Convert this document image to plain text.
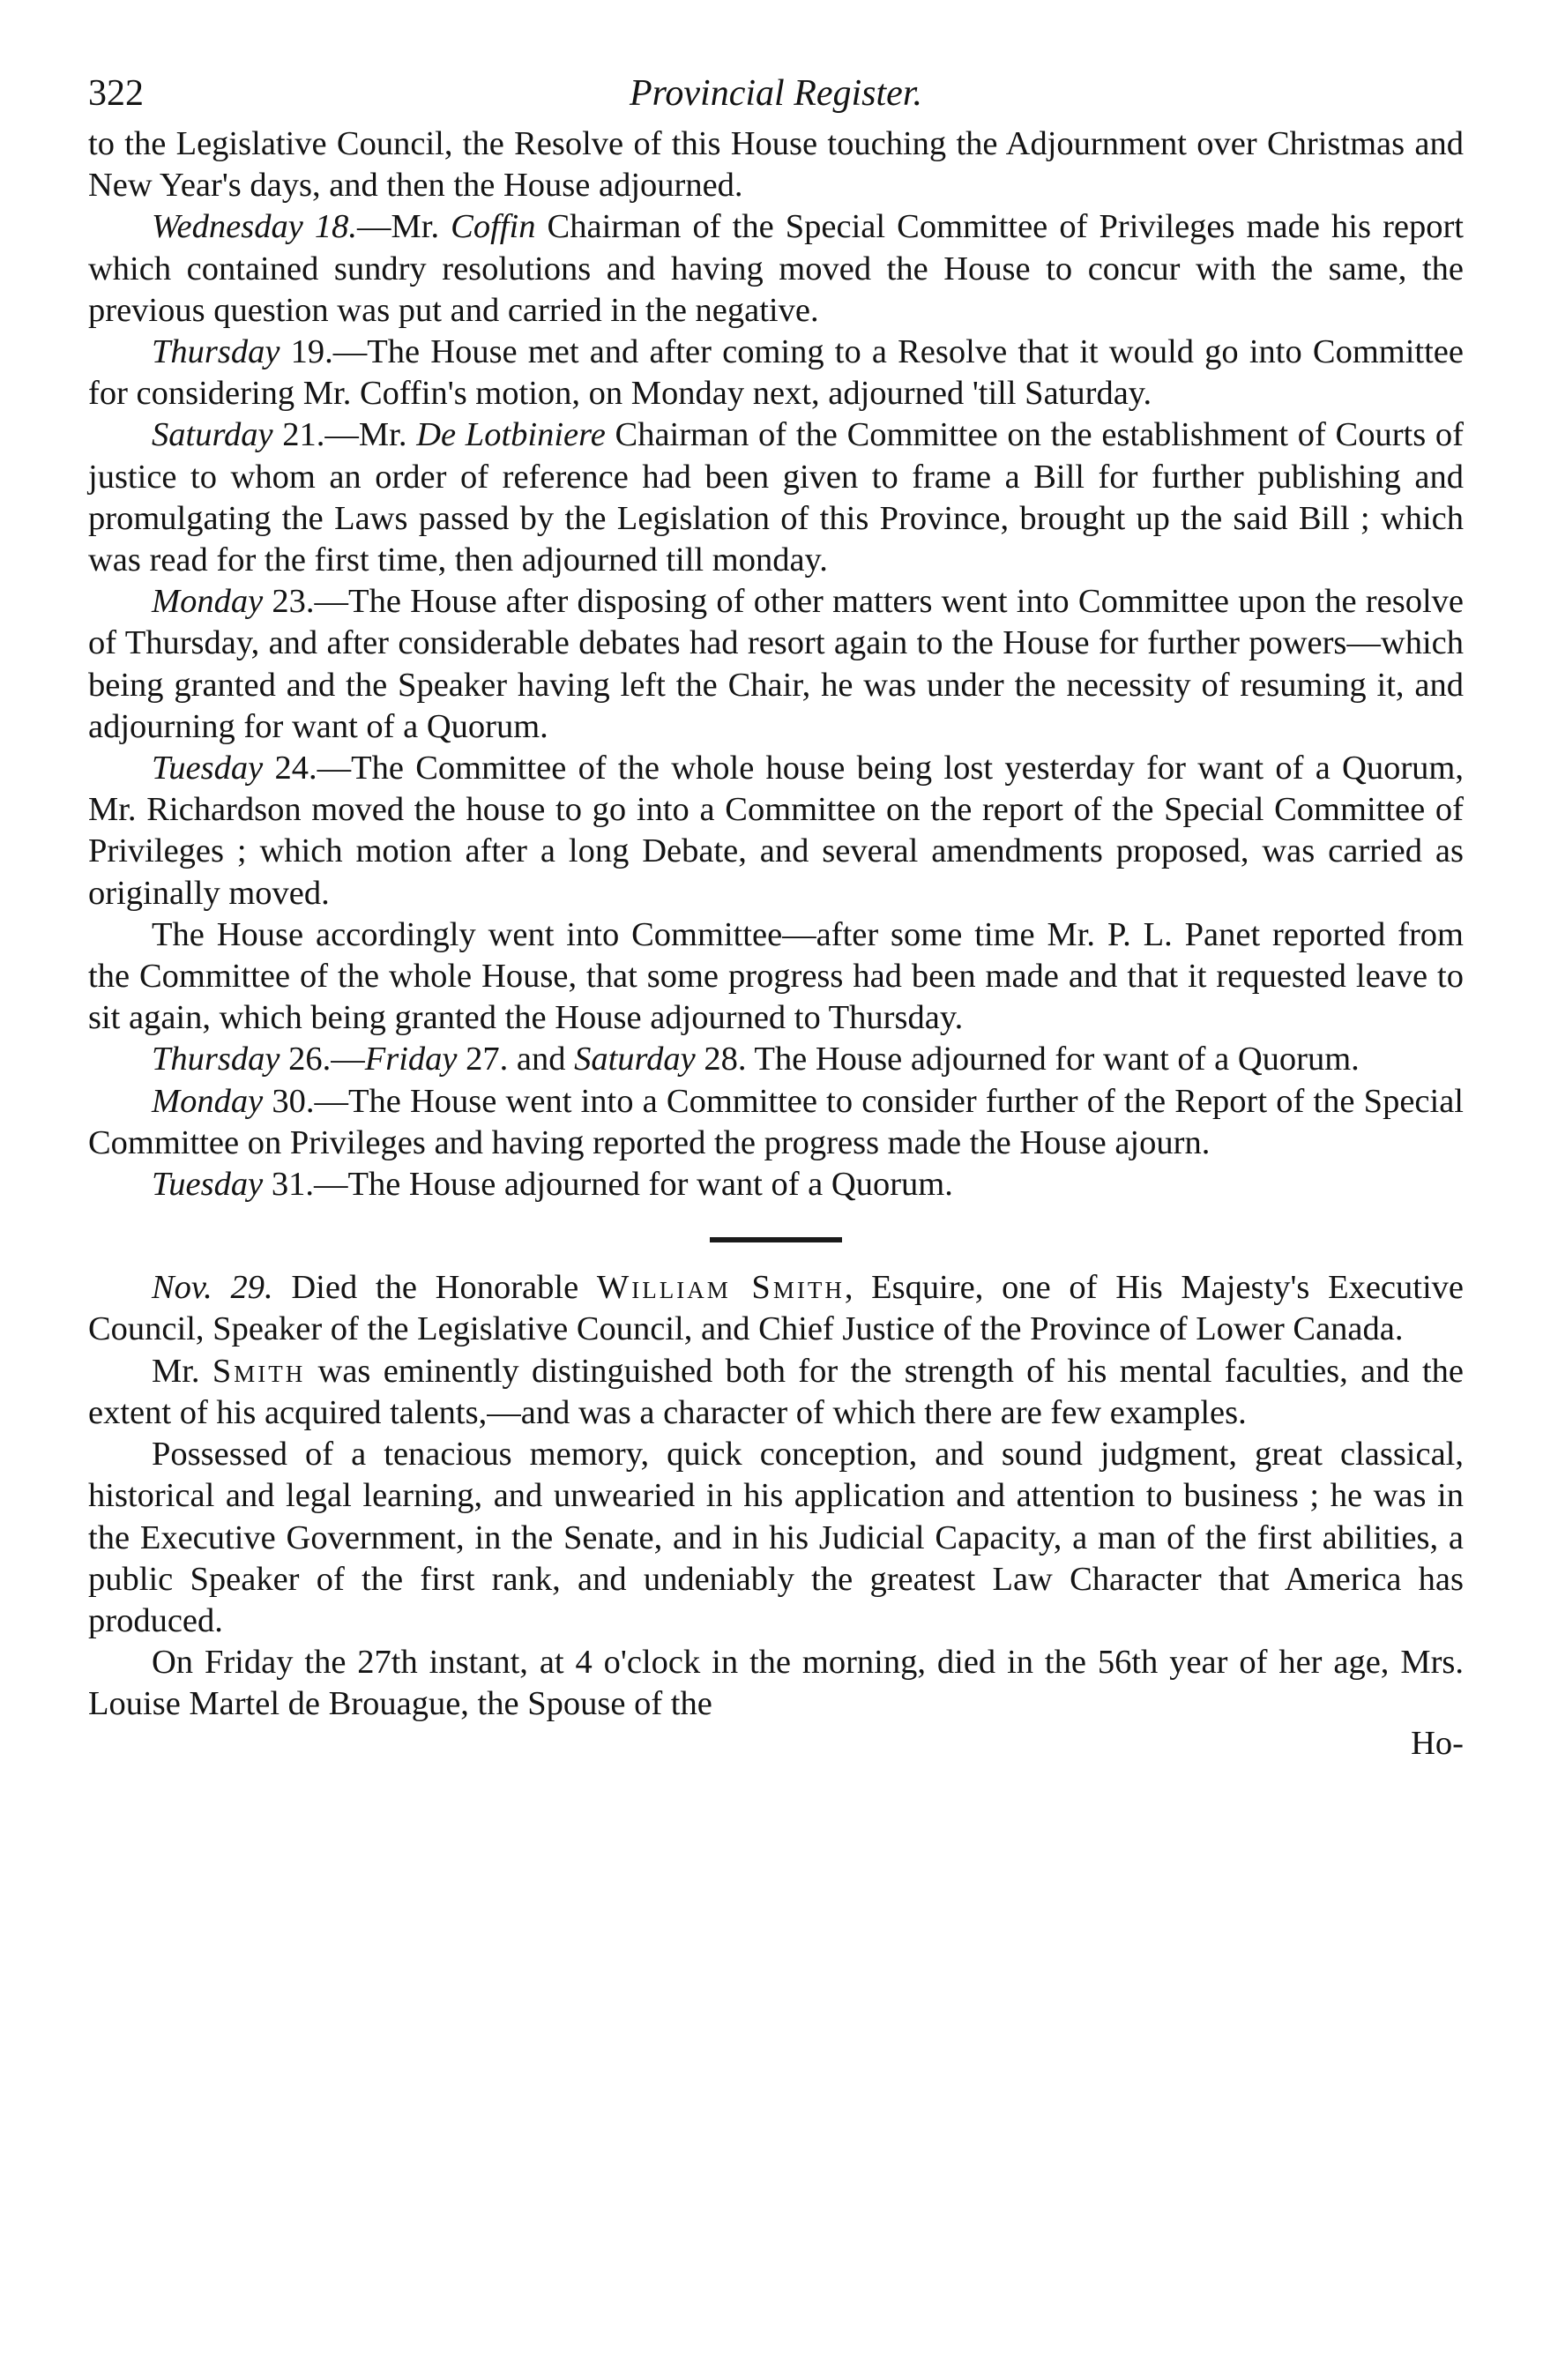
322	Provincial Register.

to the Legislative Council, the Resolve of this House touching the Adjournment over Christmas and New Year's days, and then the House adjourned.

Wednesday 18.—Mr. Coffin Chairman of the Special Committee of Privileges made his report which contained sundry resolutions and having moved the House to concur with the same, the previous question was put and carried in the negative.

Thursday 19.—The House met and after coming to a Resolve that it would go into Committee for considering Mr. Coffin's motion, on Monday next, adjourned 'till Saturday.

Saturday 21.—Mr. De Lotbiniere Chairman of the Committee on the establishment of Courts of justice to whom an order of reference had been given to frame a Bill for further publishing and promulgating the Laws passed by the Legislation of this Province, brought up the said Bill ; which was read for the first time, then adjourned till monday.

Monday 23.—The House after disposing of other matters went into Committee upon the resolve of Thursday, and after considerable debates had resort again to the House for further powers—which being granted and the Speaker having left the Chair, he was under the necessity of resuming it, and adjourning for want of a Quorum.

Tuesday 24.—The Committee of the whole house being lost yesterday for want of a Quorum, Mr. Richardson moved the house to go into a Committee on the report of the Special Committee of Privileges ; which motion after a long Debate, and several amendments proposed, was carried as originally moved.

The House accordingly went into Committee—after some time Mr. P. L. Panet reported from the Committee of the whole House, that some progress had been made and that it requested leave to sit again, which being granted the House adjourned to Thursday.

Thursday 26.—Friday 27. and Saturday 28. The House adjourned for want of a Quorum.

Monday 30.—The House went into a Committee to consider further of the Report of the Special Committee on Privileges and having reported the progress made the House ajourn.

Tuesday 31.—The House adjourned for want of a Quorum.

Nov. 29. Died the Honorable William Smith, Esquire, one of His Majesty's Executive Council, Speaker of the Legislative Council, and Chief Justice of the Province of Lower Canada.

Mr. Smith was eminently distinguished both for the strength of his mental faculties, and the extent of his acquired talents,—and was a character of which there are few examples.

Possessed of a tenacious memory, quick conception, and sound judgment, great classical, historical and legal learning, and unwearied in his application and attention to business ; he was in the Executive Government, in the Senate, and in his Judicial Capacity, a man of the first abilities, a public Speaker of the first rank, and undeniably the greatest Law Character that America has produced.

On Friday the 27th instant, at 4 o'clock in the morning, died in the 56th year of her age, Mrs. Louise Martel de Brouague, the Spouse of the

Ho-
